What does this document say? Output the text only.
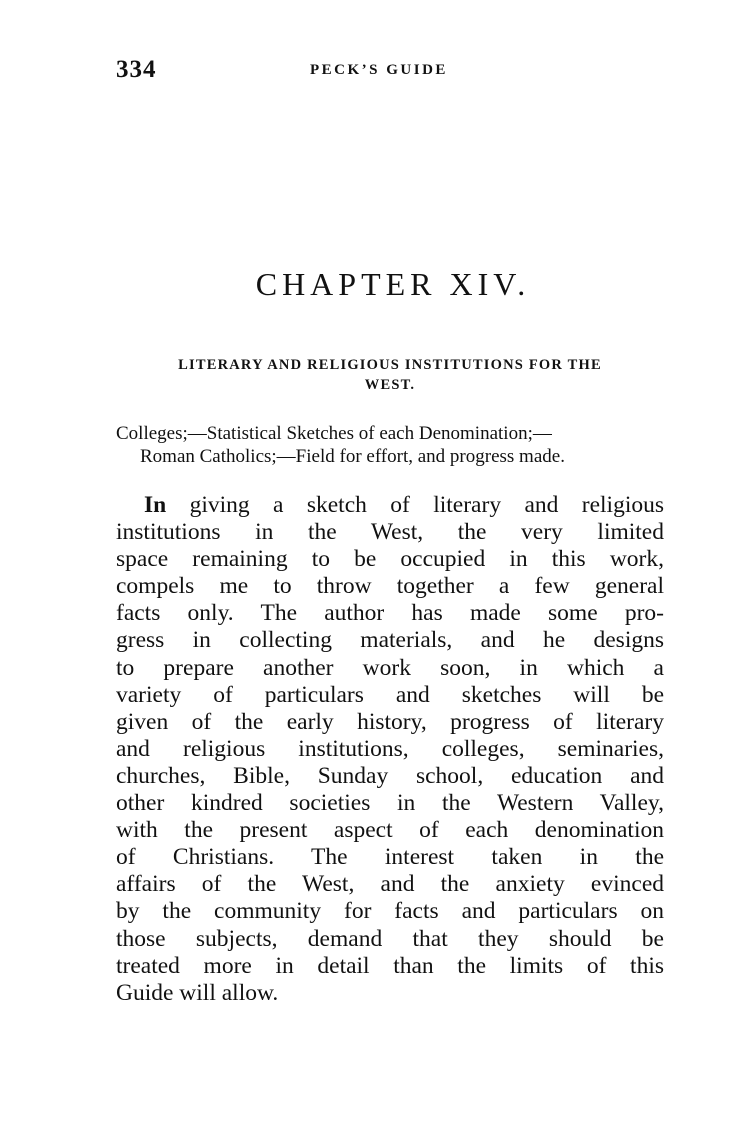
334	PECK’S GUIDE
CHAPTER XIV.
LITERARY AND RELIGIOUS INSTITUTIONS FOR THE
WEST.
Colleges;—Statistical Sketches of each Denomination;—
Roman Catholics;—Field for effort, and progress made.
In giving a sketch of literary and religious
institutions in the West, the very limited
space remaining to be occupied in this work,
compels me to throw together a few general
facts only. The author has made some pro-
gress in collecting materials, and he designs
to prepare another work soon, in which a
variety of particulars and sketches will be
given of the early history, progress of literary
and religious institutions, colleges, seminaries,
churches, Bible, Sunday school, education and
other kindred societies in the Western Valley,
with the present aspect of each denomination
of Christians. The interest taken in the
affairs of the West, and the anxiety evinced
by the community for facts and particulars on
those subjects, demand that they should be
treated more in detail than the limits of this
Guide will allow.
